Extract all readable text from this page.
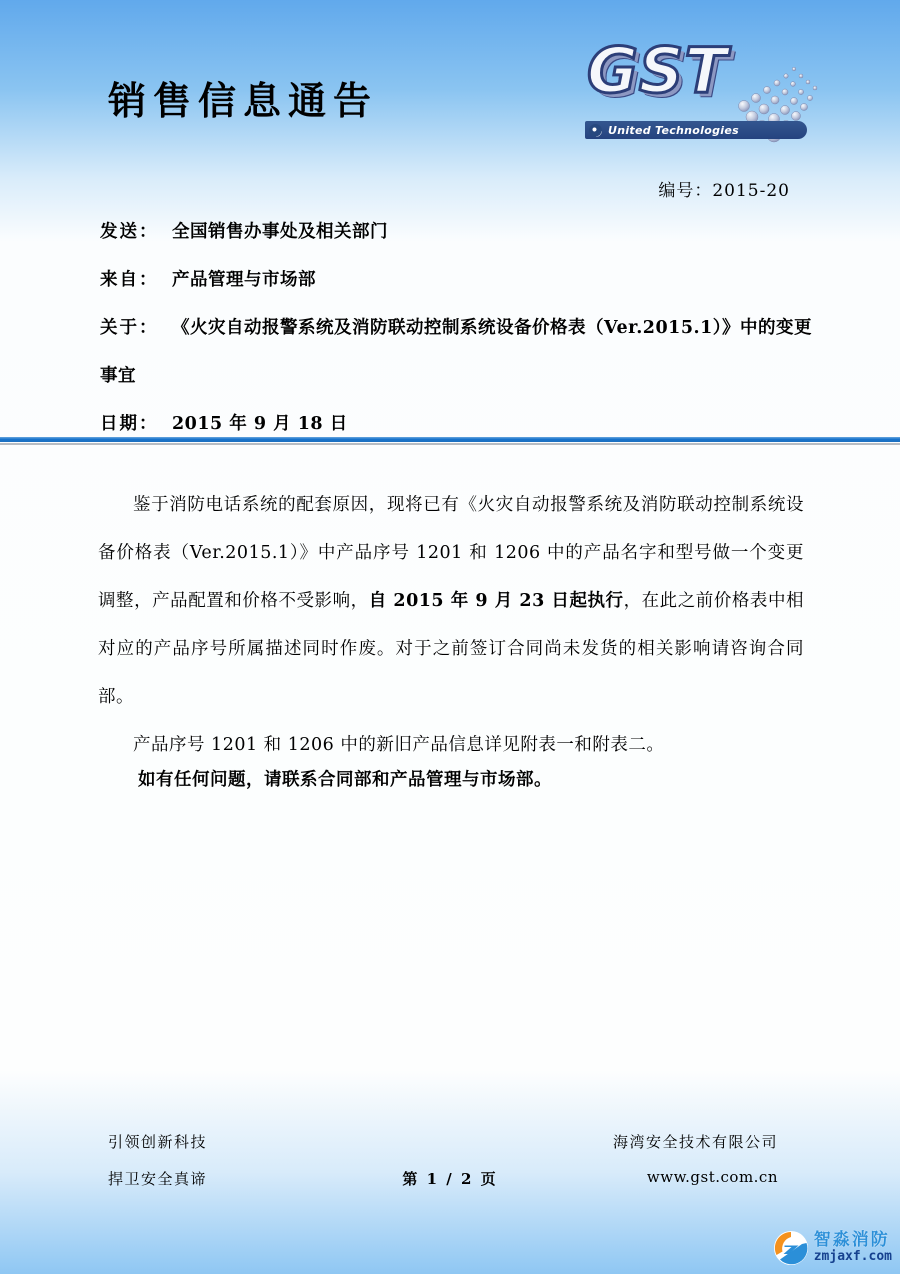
销售信息通告	GST
United Technologies
编号：2015-20
发送： 全国销售办事处及相关部门
来自： 产品管理与市场部
关于： 《火灾自动报警系统及消防联动控制系统设备价格表（Ver.2015.1）》中的变更
事宜
日期： 2015 年 9 月 18 日

鉴于消防电话系统的配套原因，现将已有《火灾自动报警系统及消防联动控制系统设备价格表（Ver.2015.1）》中产品序号 1201 和 1206 中的产品名字和型号做一个变更调整，产品配置和价格不受影响，自 2015 年 9 月 23 日起执行，在此之前价格表中相对应的产品序号所属描述同时作废。对于之前签订合同尚未发货的相关影响请咨询合同部。

产品序号 1201 和 1206 中的新旧产品信息详见附表一和附表二。

如有任何问题，请联系合同部和产品管理与市场部。
引领创新科技
捍卫安全真谛	第 1 / 2 页
海湾安全技术有限公司
www.gst.com.cn
智淼消防
zmjaxf.com
